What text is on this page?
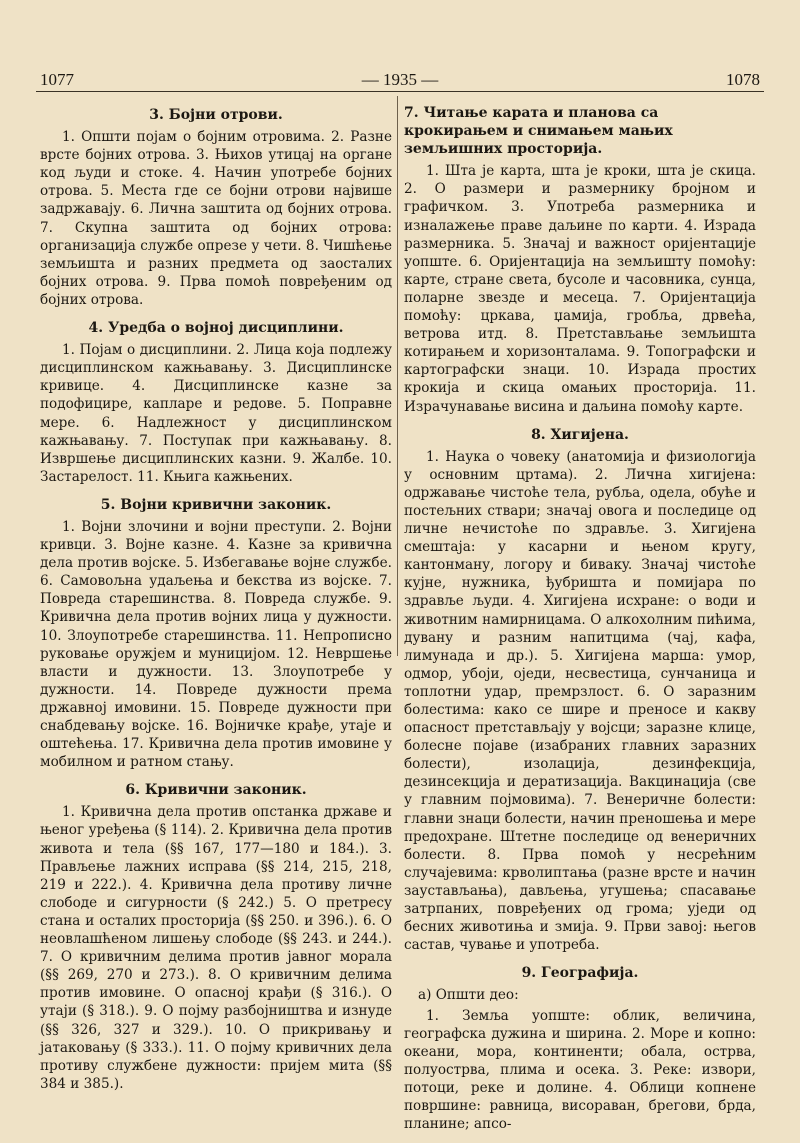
1077	— 1935 —	1078
3. Бојни отрови.

1. Општи појам о бојним отровима. 2. Разне врсте бојних отрова. 3. Њихов утицај на органе код људи и стоке. 4. Начин употребе бојних отрова. 5. Места где се бојни отрови највише задржавају. 6. Лична заштита од бојних отрова. 7. Скупна заштита од бојних отрова: организација службе опрезе у чети. 8. Чишћење земљишта и разних предмета од заосталих бојних отрова. 9. Прва помоћ повређеним од бојних отрова.

4. Уредба о војној дисциплини.

1. Појам о дисциплини. 2. Лица која подлежу дисциплинском кажњавању. 3. Дисциплинске кривице. 4. Дисциплинске казне за подофицире, капларе и редове. 5. Поправне мере. 6. Надлежност у дисциплинском кажњавању. 7. Поступак при кажњавању. 8. Извршење дисциплинских казни. 9. Жалбе. 10. Застарелост. 11. Књига кажњених.

5. Војни кривични законик.

1. Војни злочини и војни преступи. 2. Војни кривци. 3. Војне казне. 4. Казне за кривична дела против војске. 5. Избегавање војне службе. 6. Самовољна удаљења и бекства из војске. 7. Повреда старешинства. 8. Повреда службе. 9. Кривична дела против војних лица у дужности. 10. Злоупотребе старешинства. 11. Непрописно руковање оружјем и муницијом. 12. Невршење власти и дужности. 13. Злоупотребе у дужности. 14. Повреде дужности према државној имовини. 15. Повреде дужности при снабдевању војске. 16. Војничке крађе, утаје и оштећења. 17. Кривична дела против имовине у мобилном и ратном стању.

6. Кривични законик.

1. Кривична дела против опстанка државе и њеног уређења (§ 114). 2. Кривична дела против живота и тела (§§ 167, 177—180 и 184.). 3. Прављење лажних исправа (§§ 214, 215, 218, 219 и 222.). 4. Кривична дела противу личне слободе и сигурности (§ 242.) 5. О претресу стана и осталих просторија (§§ 250. и 396.). 6. О неовлашћеном лишењу слободе (§§ 243. и 244.). 7. О кривичним делима против јавног морала (§§ 269, 270 и 273.). 8. О кривичним делима против имовине. О опасној крађи (§ 316.). О утаји (§ 318.). 9. О појму разбојништва и изнуде (§§ 326, 327 и 329.). 10. О прикривању и јатаковању (§ 333.). 11. О појму кривичних дела противу службене дужности: пријем мита (§§ 384 и 385.).

7. Читање карата и планова са крокирањем и снимањем мањих земљишних просторија.

1. Шта је карта, шта је кроки, шта је скица. 2. О размери и размернику бројном и графичком. 3. Употреба размерника и изналажење праве даљине по карти. 4. Израда размерника. 5. Значај и важност оријентације уопште. 6. Оријентација на земљишту помоћу: карте, стране света, бусоле и часовника, сунца, поларне звезде и месеца. 7. Оријентација помоћу: цркава, џамија, гробља, дрвећа, ветрова итд. 8. Претстављање земљишта котирањем и хоризонталама. 9. Топографски и картографски знаци. 10. Израда простих крокија и скица омањих просторија. 11. Израчунавање висина и даљина помоћу карте.

8. Хигијена.

1. Наука о човеку (анатомија и физиологија у основним цртама). 2. Лична хигијена: одржавање чистоће тела, рубља, одела, обуће и постељних ствари; значај овога и последице од личне нечистоће по здравље. 3. Хигијена смештаја: у касарни и њеном кругу, кантонману, логору и бивакy. Значај чистоће кујне, нужника, ђубришта и помијара по здравље људи. 4. Хигијена исхране: о води и животним намирницама. О алкохолним пићима, дувану и разним напитцима (чај, кафа, лимунада и др.). 5. Хигијена марша: умор, одмор, убоји, оједи, несвестица, сунчаница и топлотни удар, премрзлост. 6. О заразним болестима: како се шире и преносе и какву опасност претстављају у војсци; заразне клице, болесне појаве (изабраних главних заразних болести), изолација, дезинфекција, дезинсекција и дератизација. Вакцинација (све у главним појмовима). 7. Венеричне болести: главни знаци болести, начин преношења и мере предохране. Штетне последице од венеричних болести. 8. Прва помоћ у несрећним случајевима: крволиптања (разне врсте и начин заустављања), дављења, угушења; спасавање затрпаних, повређених од грома; уједи од бесних животиња и змија. 9. Први завој: његов састав, чување и употреба.

9. Географија.

а) Општи део:

1. Земља уопште: облик, величина, географска дужина и ширина. 2. Море и копно: океани, мора, континенти; обала, острва, полуострва, плима и осека. 3. Реке: извори, потоци, реке и долине. 4. Облици копнене површине: равница, висораван, брегови, брда, планине; апсо-
